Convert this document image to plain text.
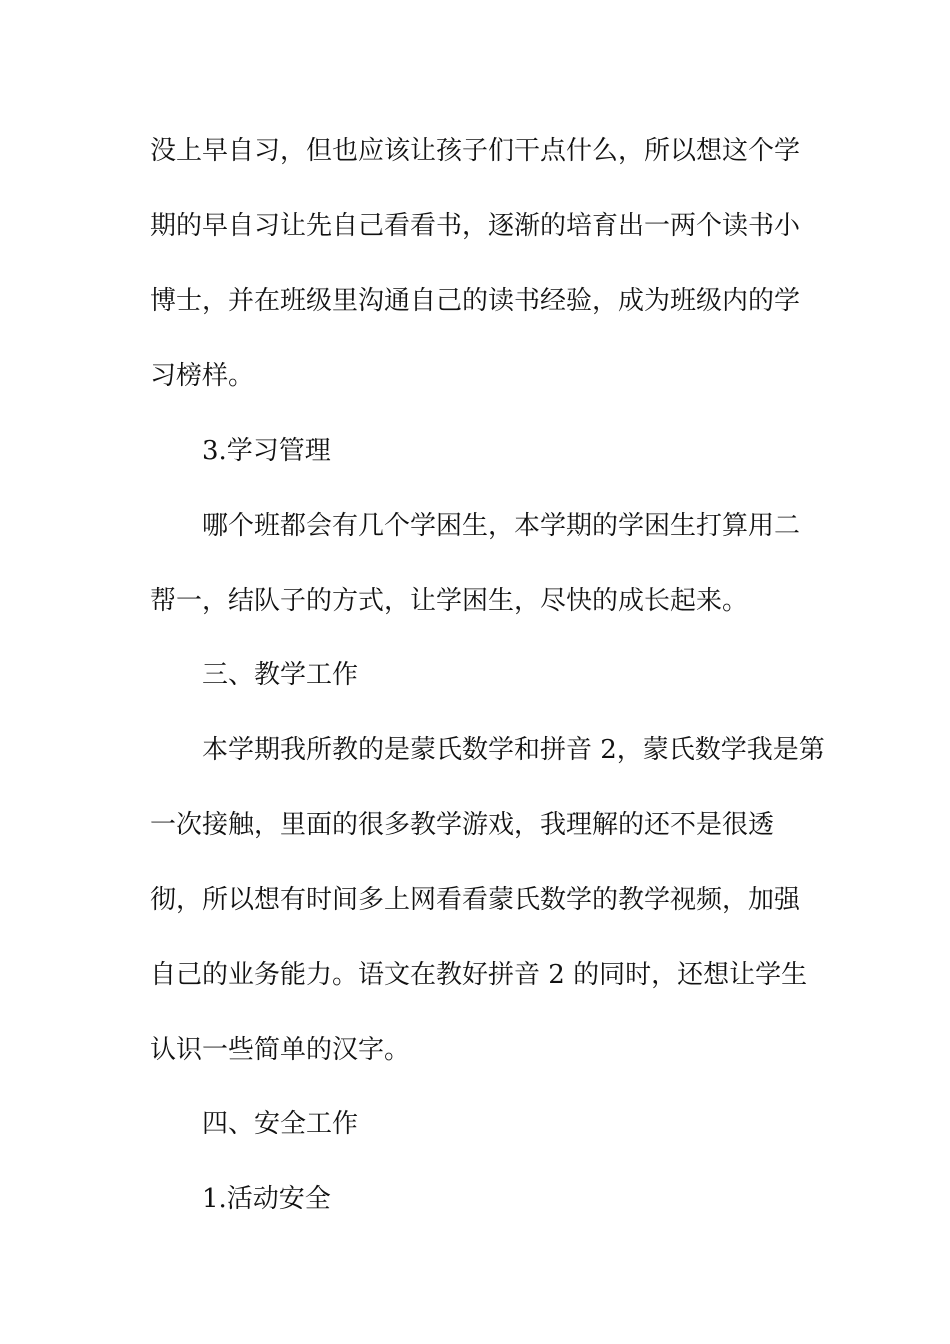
没上早自习，但也应该让孩子们干点什么，所以想这个学
期的早自习让先自己看看书，逐渐的培育出一两个读书小
博士，并在班级里沟通自己的读书经验，成为班级内的学
习榜样。
3.学习管理
哪个班都会有几个学困生，本学期的学困生打算用二
帮一，结队子的方式，让学困生，尽快的成长起来。
三、教学工作
本学期我所教的是蒙氏数学和拼音 2，蒙氏数学我是第
一次接触，里面的很多教学游戏，我理解的还不是很透
彻，所以想有时间多上网看看蒙氏数学的教学视频，加强
自己的业务能力。语文在教好拼音 2 的同时，还想让学生
认识一些简单的汉字。
四、安全工作
1.活动安全
